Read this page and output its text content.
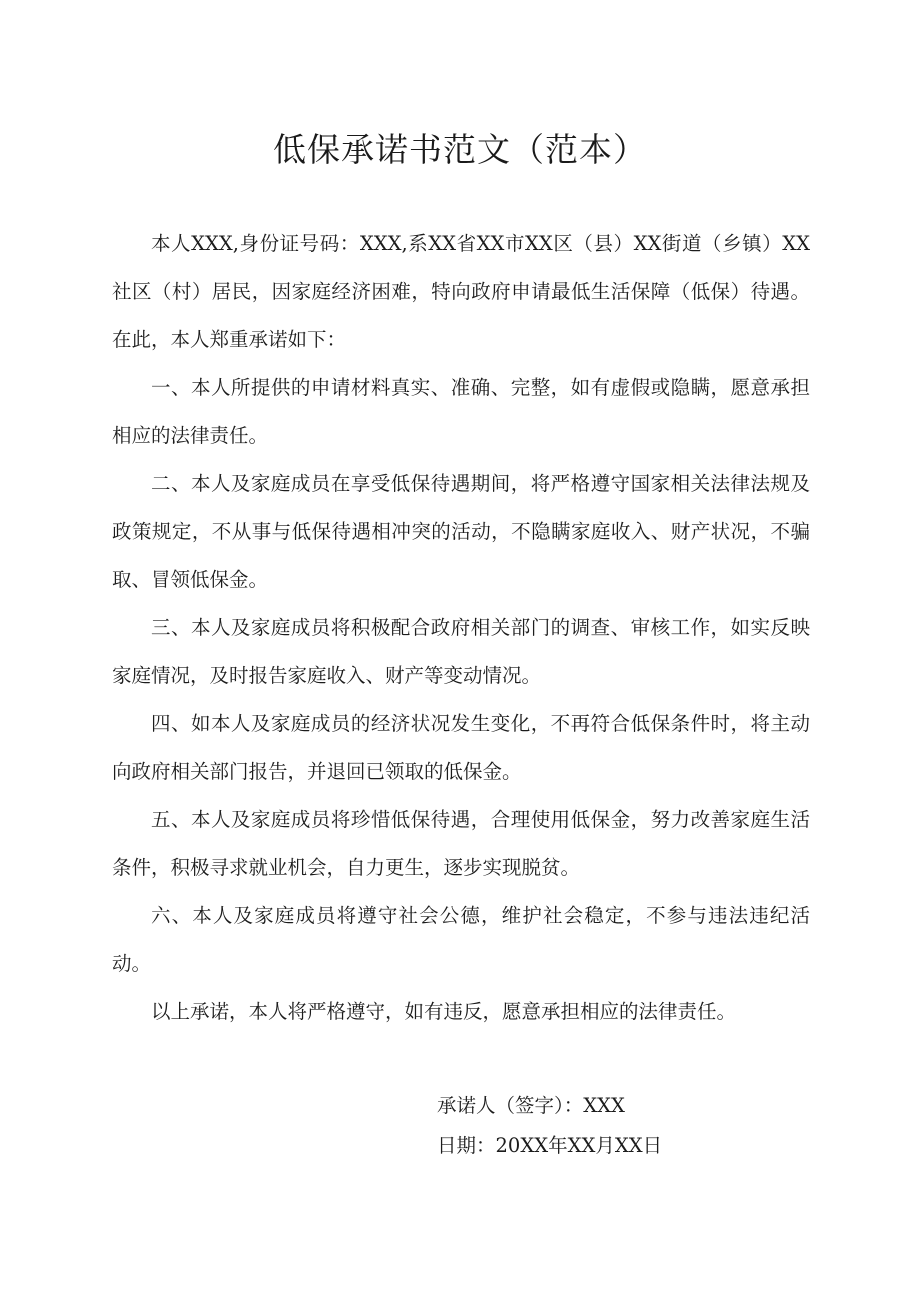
低保承诺书范文（范本）

本人XXX,身份证号码：XXX,系XX省XX市XX区（县）XX街道（乡镇）XX社区（村）居民，因家庭经济困难，特向政府申请最低生活保障（低保）待遇。在此，本人郑重承诺如下：

一、本人所提供的申请材料真实、准确、完整，如有虚假或隐瞒，愿意承担相应的法律责任。

二、本人及家庭成员在享受低保待遇期间，将严格遵守国家相关法律法规及政策规定，不从事与低保待遇相冲突的活动，不隐瞒家庭收入、财产状况，不骗取、冒领低保金。

三、本人及家庭成员将积极配合政府相关部门的调查、审核工作，如实反映家庭情况，及时报告家庭收入、财产等变动情况。

四、如本人及家庭成员的经济状况发生变化，不再符合低保条件时，将主动向政府相关部门报告，并退回已领取的低保金。

五、本人及家庭成员将珍惜低保待遇，合理使用低保金，努力改善家庭生活条件，积极寻求就业机会，自力更生，逐步实现脱贫。

六、本人及家庭成员将遵守社会公德，维护社会稳定，不参与违法违纪活动。

以上承诺，本人将严格遵守，如有违反，愿意承担相应的法律责任。

承诺人（签字）：XXX

日期：20XX年XX月XX日
